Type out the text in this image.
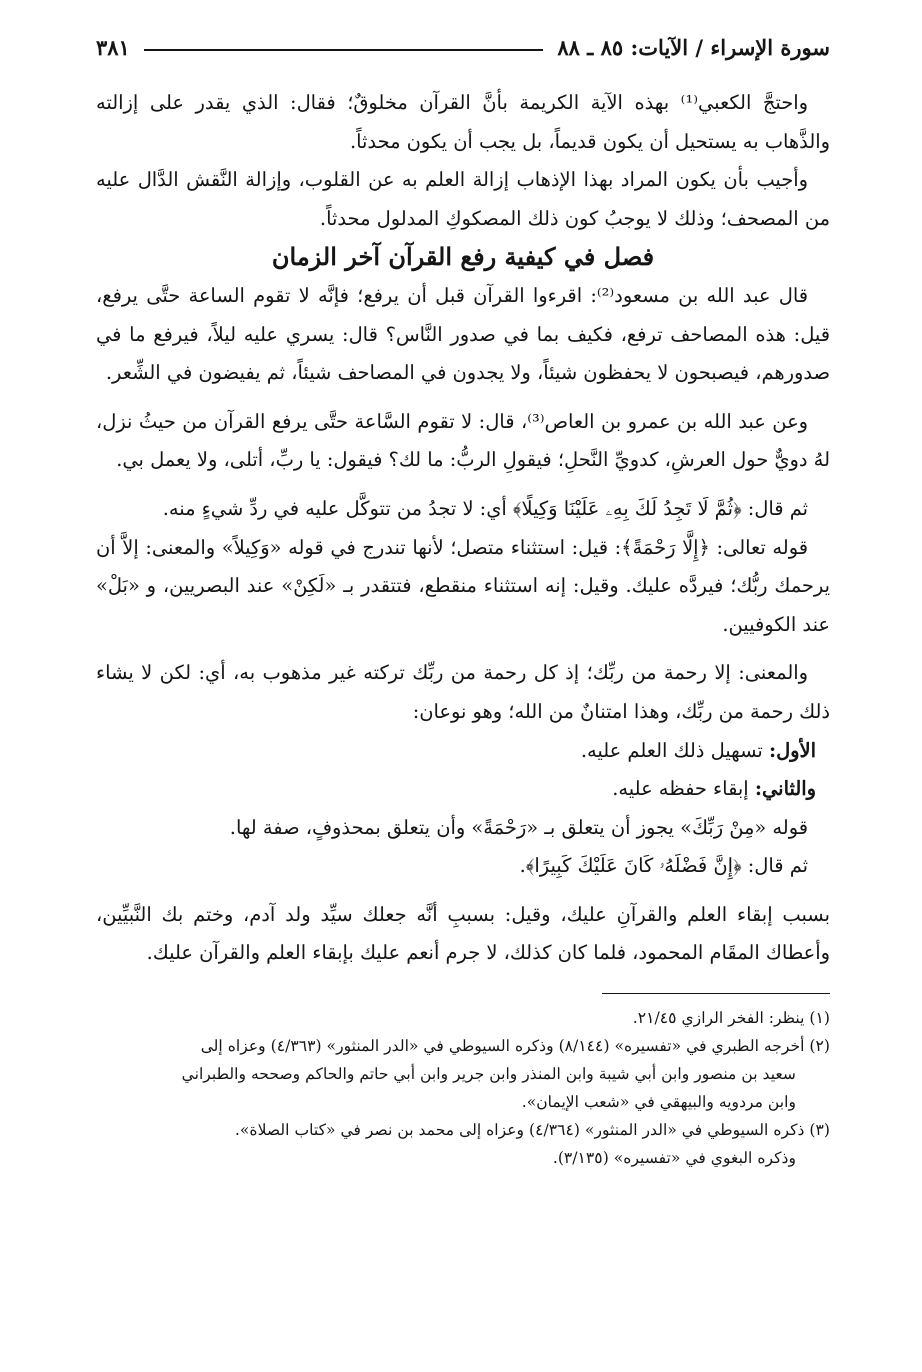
سورة الإسراء / الآيات: ٨٥ ـ ٨٨
٣٨١

واحتجَّ الكعبي⁽¹⁾ بهذه الآية الكريمة بأنَّ القرآن مخلوقٌ؛ فقال: الذي يقدر على إزالته والذَّهاب به يستحيل أن يكون قديماً، بل يجب أن يكون محدثاً.

وأجيب بأن يكون المراد بهذا الإذهاب إزالة العلم به عن القلوب، وإزالة النَّقش الدَّال عليه من المصحف؛ وذلك لا يوجبُ كون ذلك المصكوكِ المدلول محدثاً.

فصل في كيفية رفع القرآن آخر الزمان

قال عبد الله بن مسعود⁽²⁾: اقرءوا القرآن قبل أن يرفع؛ فإنَّه لا تقوم الساعة حتَّى يرفع، قيل: هذه المصاحف ترفع، فكيف بما في صدور النَّاس؟ قال: يسري عليه ليلاً، فيرفع ما في صدورهم، فيصبحون لا يحفظون شيئاً، ولا يجدون في المصاحف شيئاً، ثم يفيضون في الشِّعر.

وعن عبد الله بن عمرو بن العاص⁽³⁾، قال: لا تقوم السَّاعة حتَّى يرفع القرآن من حيثُ نزل، لهُ دويٌّ حول العرشِ، كدويِّ النَّحلِ؛ فيقولِ الربُّ: ما لك؟ فيقول: يا ربِّ، أتلى، ولا يعمل بي.

ثم قال: ﴿ثُمَّ لَا تَجِدُ لَكَ بِهِۦ عَلَيْنَا وَكِيلًا﴾ أي: لا تجدُ من تتوكَّل عليه في ردِّ شيءٍ منه.

قوله تعالى: ﴿إِلَّا رَحْمَةً﴾: قيل: استثناء متصل؛ لأنها تندرج في قوله «وَكِيلاً» والمعنى: إلاَّ أن يرحمك ربُّك؛ فيردَّه عليك. وقيل: إنه استثناء منقطع، فتتقدر بـ «لَكِنْ» عند البصريين، و «بَلْ» عند الكوفيين.

والمعنى: إلا رحمة من ربِّك؛ إذ كل رحمة من ربِّك تركته غير مذهوب به، أي: لكن لا يشاء ذلك رحمة من ربِّك، وهذا امتنانٌ من الله؛ وهو نوعان:

الأول: تسهيل ذلك العلم عليه.

والثاني: إبقاء حفظه عليه.

قوله «مِنْ رَبِّكَ» يجوز أن يتعلق بـ «رَحْمَةً» وأن يتعلق بمحذوفٍ، صفة لها.

ثم قال: ﴿إِنَّ فَضْلَهُۥ كَانَ عَلَيْكَ كَبِيرًا﴾.

بسبب إبقاء العلم والقرآنِ عليك، وقيل: بسببِ أنَّه جعلك سيِّد ولد آدم، وختم بك النَّبيِّين، وأعطاك المقَام المحمود، فلما كان كذلك، لا جرم أنعم عليك بإبقاء العلم والقرآن عليك.

(١) ينظر: الفخر الرازي ٢١/٤٥.

(٢) أخرجه الطبري في «تفسيره» (٨/١٤٤) وذكره السيوطي في «الدر المنثور» (٤/٣٦٣) وعزاه إلى

سعيد بن منصور وابن أبي شيبة وابن المنذر وابن جرير وابن أبي حاتم والحاكم وصححه والطبراني

وابن مردويه والبيهقي في «شعب الإيمان».

(٣) ذكره السيوطي في «الدر المنثور» (٤/٣٦٤) وعزاه إلى محمد بن نصر في «كتاب الصلاة».

وذكره البغوي في «تفسيره» (٣/١٣٥).
